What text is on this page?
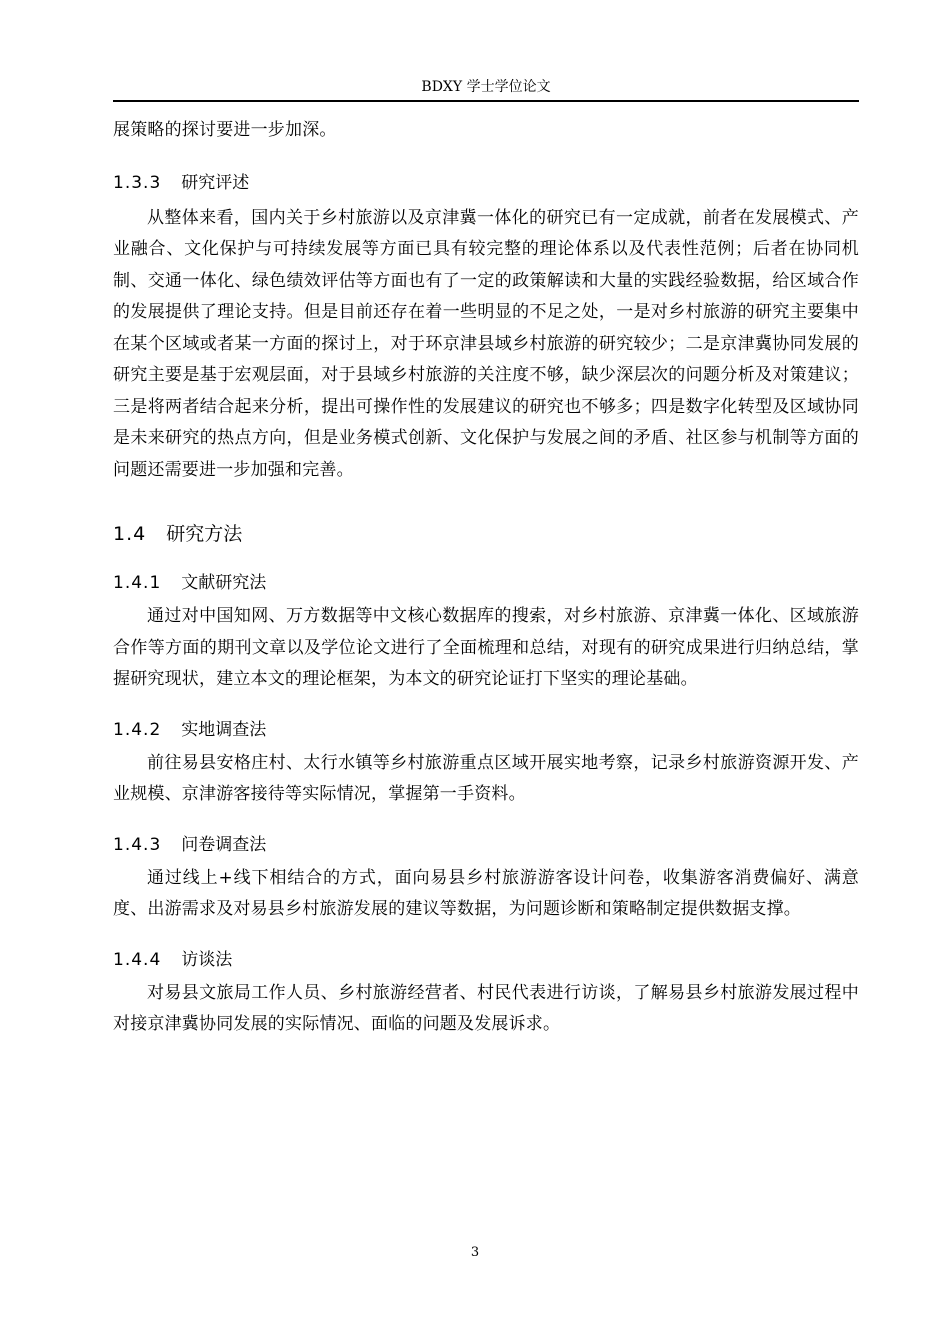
BDXY 学士学位论文

展策略的探讨要进一步加深。

1.3.3 研究评述

从整体来看，国内关于乡村旅游以及京津冀一体化的研究已有一定成就，前者在发展模式、产业融合、文化保护与可持续发展等方面已具有较完整的理论体系以及代表性范例；后者在协同机制、交通一体化、绿色绩效评估等方面也有了一定的政策解读和大量的实践经验数据，给区域合作的发展提供了理论支持。但是目前还存在着一些明显的不足之处，一是对乡村旅游的研究主要集中在某个区域或者某一方面的探讨上，对于环京津县域乡村旅游的研究较少；二是京津冀协同发展的研究主要是基于宏观层面，对于县域乡村旅游的关注度不够，缺少深层次的问题分析及对策建议；三是将两者结合起来分析，提出可操作性的发展建议的研究也不够多；四是数字化转型及区域协同是未来研究的热点方向，但是业务模式创新、文化保护与发展之间的矛盾、社区参与机制等方面的问题还需要进一步加强和完善。

1.4 研究方法
1.4.1 文献研究法

通过对中国知网、万方数据等中文核心数据库的搜索，对乡村旅游、京津冀一体化、区域旅游合作等方面的期刊文章以及学位论文进行了全面梳理和总结，对现有的研究成果进行归纳总结，掌握研究现状，建立本文的理论框架，为本文的研究论证打下坚实的理论基础。

1.4.2 实地调查法

前往易县安格庄村、太行水镇等乡村旅游重点区域开展实地考察，记录乡村旅游资源开发、产业规模、京津游客接待等实际情况，掌握第一手资料。

1.4.3 问卷调查法

通过线上+线下相结合的方式，面向易县乡村旅游游客设计问卷，收集游客消费偏好、满意度、出游需求及对易县乡村旅游发展的建议等数据，为问题诊断和策略制定提供数据支撑。

1.4.4 访谈法

对易县文旅局工作人员、乡村旅游经营者、村民代表进行访谈，了解易县乡村旅游发展过程中对接京津冀协同发展的实际情况、面临的问题及发展诉求。

3
